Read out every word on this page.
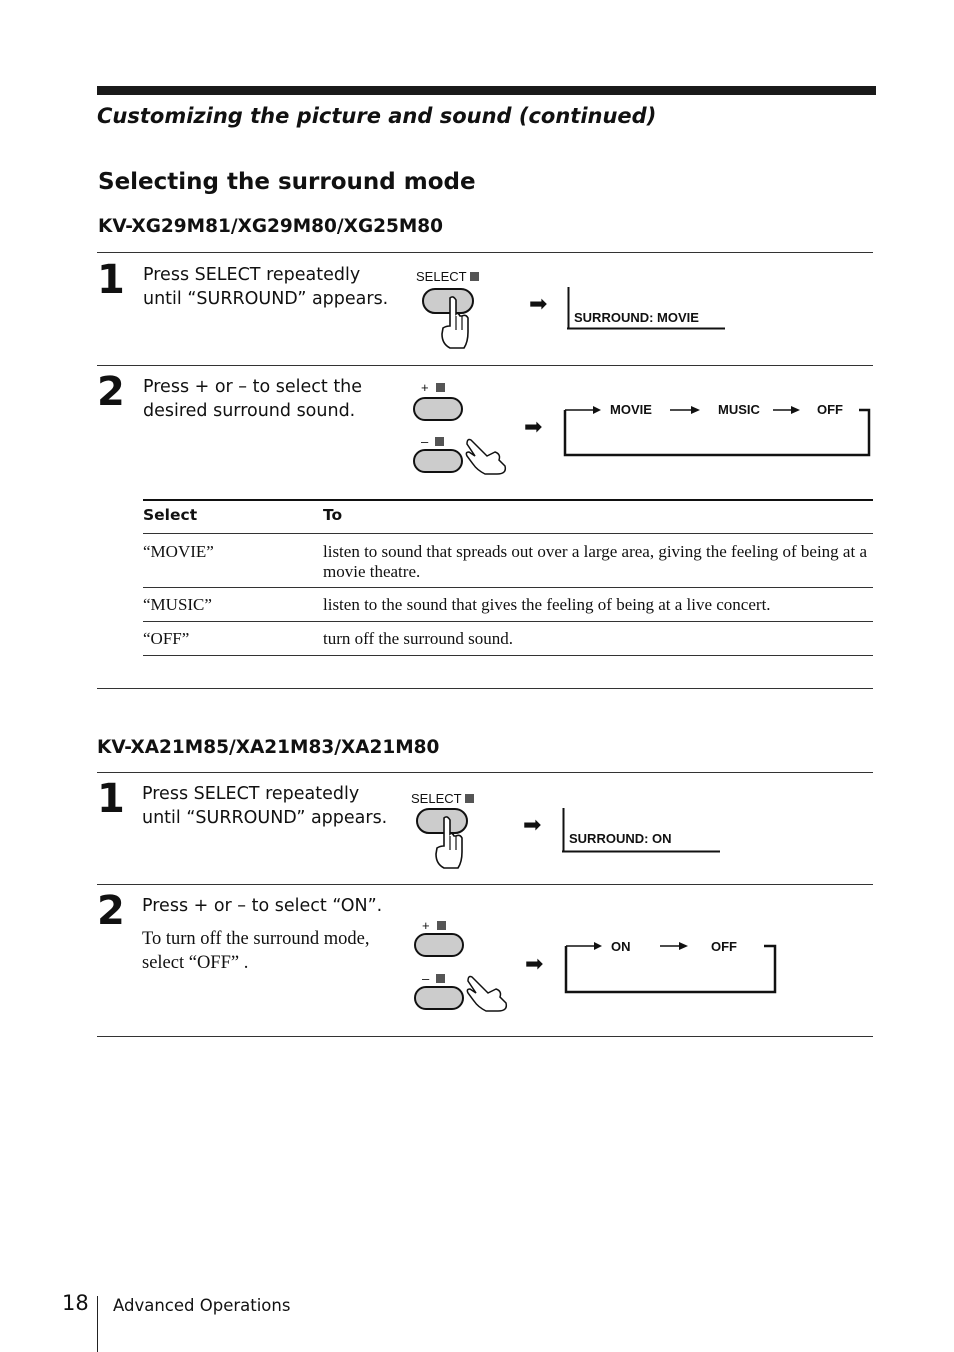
Customizing the picture and sound (continued)
Selecting the surround mode
KV-XG29M81/XG29M80/XG25M80
1 Press SELECT repeatedly until “SURROUND” appears.
SELECT
➡
SURROUND: MOVIE
2 Press + or – to select the desired surround sound.
+
–
➡
MOVIE	MUSIC	OFF
Select	To
“MOVIE”	listen to sound that spreads out over a large area, giving the feeling of being at a movie theatre.
“MUSIC”	listen to the sound that gives the feeling of being at a live concert.
“OFF”	turn off the surround sound.
KV-XA21M85/XA21M83/XA21M80
1 Press SELECT repeatedly until “SURROUND” appears.
SELECT
➡
SURROUND: ON
2 Press + or – to select “ON”.
To turn off the surround mode, select “OFF” .
+
–
➡
ON	OFF
18 Advanced Operations
